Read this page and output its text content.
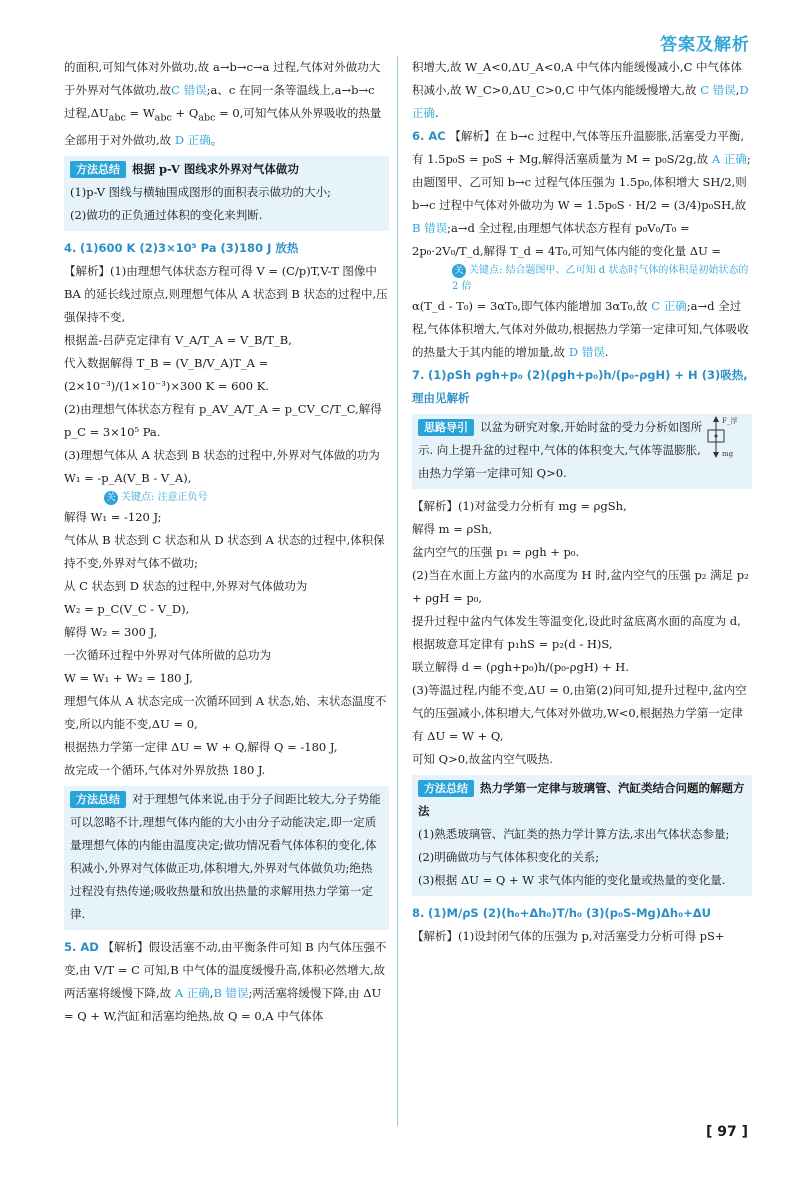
答案及解析

的面积,可知气体对外做功,故 a→b→c→a 过程,气体对外做功大于外界对气体做功,故C 错误;a、c 在同一条等温线上,a→b→c 过程$,\Delta U_{abc} = W_{abc} + Q_{abc} = 0$,可知气体从外界吸收的热量全部用于对外做功,故 D 正确。

方法总结 根据 p-V 图线求外界对气体做功

(1)p-V 图线与横轴围成图形的面积表示做功的大小;

(2)做功的正负通过体积的变化来判断.

4. (1)600 K (2)3×10⁵ Pa (3)180 J 放热

【解析】(1)由理想气体状态方程可得 V = (C/p)T,V-T 图像中 BA 的延长线过原点,则理想气体从 A 状态到 B 状态的过程中,压强保持不变,

根据盖-吕萨克定律有 V_A/T_A = V_B/T_B,

代入数据解得 T_B = (V_B/V_A)T_A = (2×10⁻³)/(1×10⁻³)×300 K = 600 K.

(2)由理想气体状态方程有 p_AV_A/T_A = p_CV_C/T_C,解得 p_C = 3×10⁵ Pa.

(3)理想气体从 A 状态到 B 状态的过程中,外界对气体做的功为 W₁ = -p_A(V_B - V_A),

关 关键点: 注意正负号

解得 W₁ = -120 J;

气体从 B 状态到 C 状态和从 D 状态到 A 状态的过程中,体积保持不变,外界对气体不做功;

从 C 状态到 D 状态的过程中,外界对气体做功为

W₂ = p_C(V_C - V_D),

解得 W₂ = 300 J,

一次循环过程中外界对气体所做的总功为

W = W₁ + W₂ = 180 J,

理想气体从 A 状态完成一次循环回到 A 状态,始、末状态温度不变,所以内能不变,ΔU = 0,

根据热力学第一定律 ΔU = W + Q,解得 Q = -180 J,

故完成一个循环,气体对外界放热 180 J.

方法总结 对于理想气体来说,由于分子间距比较大,分子势能可以忽略不计,理想气体内能的大小由分子动能决定,即一定质量理想气体的内能由温度决定;做功情况看气体体积的变化,体积减小,外界对气体做正功,体积增大,外界对气体做负功;绝热过程没有热传递;吸收热量和放出热量的求解用热力学第一定律.

5. AD 【解析】假设活塞不动,由平衡条件可知 B 内气体压强不变,由 V/T = C 可知,B 中气体的温度缓慢升高,体积必然增大,故两活塞将缓慢下降,故 A 正确,B 错误;两活塞将缓慢下降,由 ΔU = Q + W,汽缸和活塞均绝热,故 Q = 0,A 中气体体

积增大,故 W_A<0,ΔU_A<0,A 中气体内能缓慢减小,C 中气体体积减小,故 W_C>0,ΔU_C>0,C 中气体内能缓慢增大,故 C 错误,D 正确.

6. AC 【解析】在 b→c 过程中,气体等压升温膨胀,活塞受力平衡,有 1.5p₀S = p₀S + Mg,解得活塞质量为 M = p₀S/2g,故 A 正确;由题图甲、乙可知 b→c 过程气体压强为 1.5p₀,体积增大 SH/2,则 b→c 过程中气体对外做功为 W = 1.5p₀S · H/2 = (3/4)p₀SH,故 B 错误;a→d 全过程,由理想气体状态方程有 p₀V₀/T₀ = 2p₀·2V₀/T_d,解得 T_d = 4T₀,可知气体内能的变化量 ΔU =

关 关键点: 结合题图甲、乙可知 d 状态时气体的体积是初始状态的 2 倍

α(T_d - T₀) = 3αT₀,即气体内能增加 3αT₀,故 C 正确;a→d 全过程,气体体积增大,气体对外做功,根据热力学第一定律可知,气体吸收的热量大于其内能的增加量,故 D 错误.

7. (1)ρSh ρgh+p₀ (2)(ρgh+p₀)h/(p₀-ρgH) + H (3)吸热,理由见解析

F_浮
mg

思路导引 以盆为研究对象,开始时盆的受力分析如图所示. 向上提升盆的过程中,气体的体积变大,气体等温膨胀,由热力学第一定律可知 Q>0.

【解析】(1)对盆受力分析有 mg = ρgSh,

解得 m = ρSh,

盆内空气的压强 p₁ = ρgh + p₀.

(2)当在水面上方盆内的水高度为 H 时,盆内空气的压强 p₂ 满足 p₂ + ρgH = p₀,

提升过程中盆内气体发生等温变化,设此时盆底离水面的高度为 d,根据玻意耳定律有 p₁hS = p₂(d - H)S,

联立解得 d = (ρgh+p₀)h/(p₀-ρgH) + H.

(3)等温过程,内能不变,ΔU = 0,由第(2)问可知,提升过程中,盆内空气的压强减小,体积增大,气体对外做功,W<0,根据热力学第一定律有 ΔU = W + Q,

可知 Q>0,故盆内空气吸热.

方法总结 热力学第一定律与玻璃管、汽缸类结合问题的解题方法

(1)熟悉玻璃管、汽缸类的热力学计算方法,求出气体状态参量;

(2)明确做功与气体体积变化的关系;

(3)根据 ΔU = Q + W 求气体内能的变化量或热量的变化量.

8. (1)M/ρS (2)(h₀+Δh₀)T/h₀ (3)(p₀S-Mg)Δh₀+ΔU

【解析】(1)设封闭气体的压强为 p,对活塞受力分析可得 pS+

[ 97 ]
